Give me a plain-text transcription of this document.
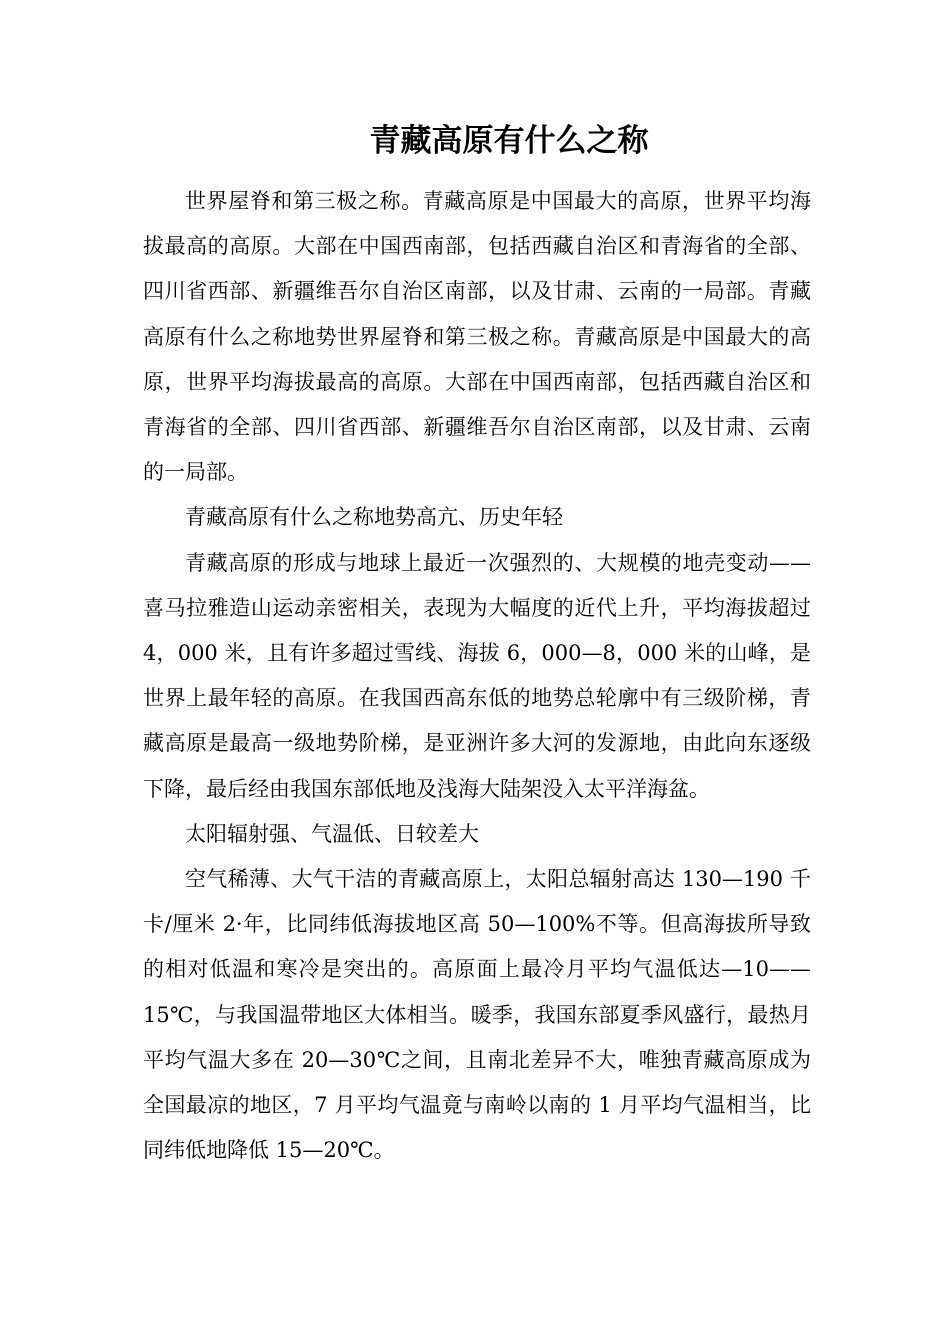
青藏高原有什么之称

世界屋脊和第三极之称。青藏高原是中国最大的高原，世界平均海拔最高的高原。大部在中国西南部，包括西藏自治区和青海省的全部、四川省西部、新疆维吾尔自治区南部，以及甘肃、云南的一局部。青藏高原有什么之称地势世界屋脊和第三极之称。青藏高原是中国最大的高原，世界平均海拔最高的高原。大部在中国西南部，包括西藏自治区和青海省的全部、四川省西部、新疆维吾尔自治区南部，以及甘肃、云南的一局部。

青藏高原有什么之称地势高亢、历史年轻

青藏高原的形成与地球上最近一次强烈的、大规模的地壳变动——喜马拉雅造山运动亲密相关，表现为大幅度的近代上升，平均海拔超过 4，000 米，且有许多超过雪线、海拔 6，000—8，000 米的山峰，是世界上最年轻的高原。在我国西高东低的地势总轮廓中有三级阶梯，青藏高原是最高一级地势阶梯，是亚洲许多大河的发源地，由此向东逐级下降，最后经由我国东部低地及浅海大陆架没入太平洋海盆。

太阳辐射强、气温低、日较差大

空气稀薄、大气干洁的青藏高原上，太阳总辐射高达 130—190 千卡/厘米 2·年，比同纬低海拔地区高 50—100%不等。但高海拔所导致的相对低温和寒冷是突出的。高原面上最冷月平均气温低达—10——15℃，与我国温带地区大体相当。暖季，我国东部夏季风盛行，最热月平均气温大多在 20—30℃之间，且南北差异不大，唯独青藏高原成为全国最凉的地区，7 月平均气温竟与南岭以南的 1 月平均气温相当，比同纬低地降低 15—20℃。
